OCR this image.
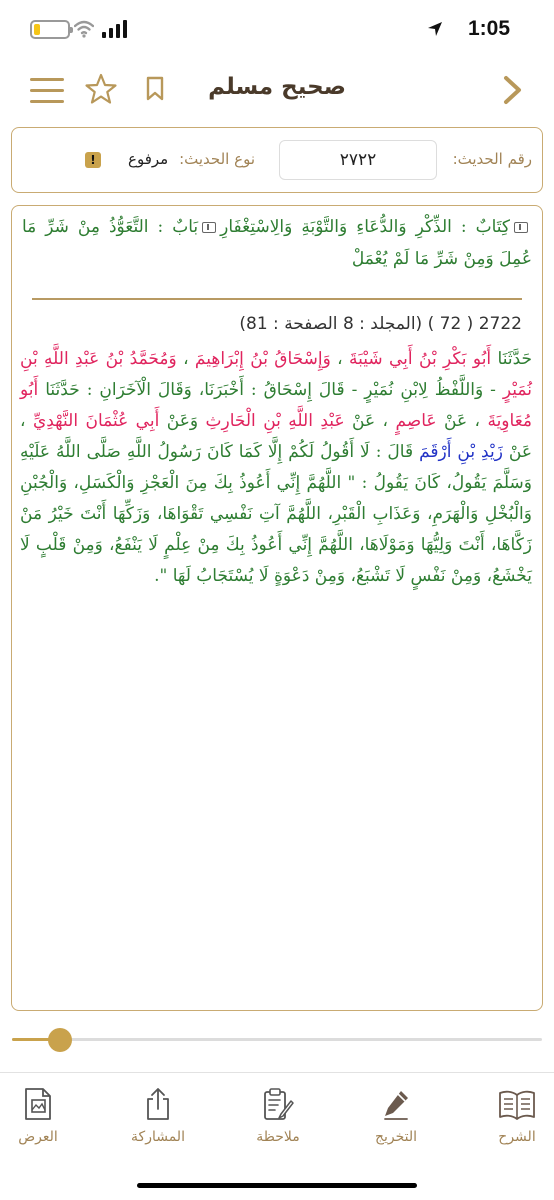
1:05
صحيح مسلم
رقم الحديث:
٢٧٢٢
نوع الحديث:
مرفوع
!
كِتَابٌ : الذِّكْرِ وَالدُّعَاءِ وَالتَّوْبَةِ وَالِاسْتِغْفَارِبَابٌ : التَّعَوُّذُ مِنْ شَرِّ مَا عُمِلَ وَمِنْ شَرِّ مَا لَمْ يُعْمَلْ
2722 ( 72 ) (المجلد : 8 الصفحة : 81)
حَدَّثَنَا أَبُو بَكْرِ بْنُ أَبِي شَيْبَةَ ، وَإِسْحَاقُ بْنُ إِبْرَاهِيمَ ، وَمُحَمَّدُ بْنُ عَبْدِ اللَّهِ بْنِ نُمَيْرٍ - وَاللَّفْظُ لِابْنِ نُمَيْرٍ - قَالَ إِسْحَاقُ : أَخْبَرَنَا، وَقَالَ الْآخَرَانِ : حَدَّثَنَا أَبُو مُعَاوِيَةَ ، عَنْ عَاصِمٍ ، عَنْ عَبْدِ اللَّهِ بْنِ الْحَارِثِ وَعَنْ أَبِي عُثْمَانَ النَّهْدِيِّ ، عَنْ زَيْدِ بْنِ أَرْقَمَ قَالَ : لَا أَقُولُ لَكُمْ إِلَّا كَمَا كَانَ رَسُولُ اللَّهِ صَلَّى اللَّهُ عَلَيْهِ وَسَلَّمَ يَقُولُ، كَانَ يَقُولُ : " اللَّهُمَّ إِنِّي أَعُوذُ بِكَ مِنَ الْعَجْزِ وَالْكَسَلِ، وَالْجُبْنِ وَالْبُخْلِ وَالْهَرَمِ، وَعَذَابِ الْقَبْرِ، اللَّهُمَّ آتِ نَفْسِي تَقْوَاهَا، وَزَكِّهَا أَنْتَ خَيْرُ مَنْ زَكَّاهَا، أَنْتَ وَلِيُّهَا وَمَوْلَاهَا، اللَّهُمَّ إِنِّي أَعُوذُ بِكَ مِنْ عِلْمٍ لَا يَنْفَعُ، وَمِنْ قَلْبٍ لَا يَخْشَعُ، وَمِنْ نَفْسٍ لَا تَشْبَعُ، وَمِنْ دَعْوَةٍ لَا يُسْتَجَابُ لَهَا ".
العرض	المشاركة	ملاحظة	التخريج	الشرح
